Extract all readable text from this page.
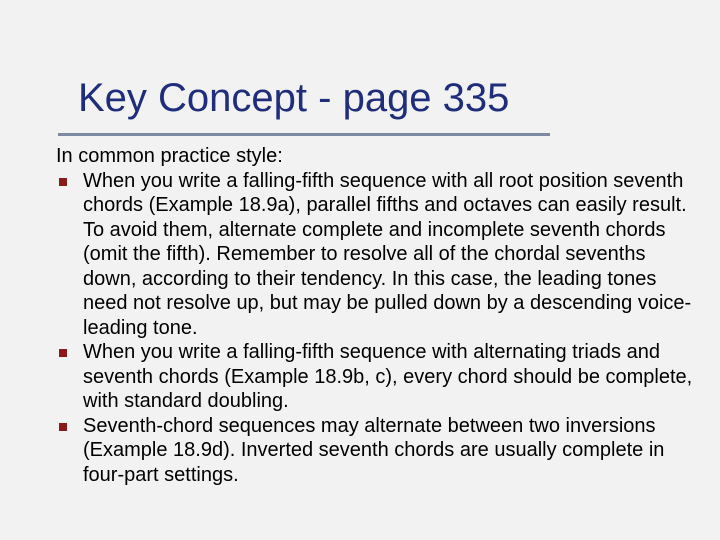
Key Concept - page 335

In common practice style:

When you write a falling-fifth sequence with all root position seventh chords (Example 18.9a), parallel fifths and octaves can easily result. To avoid them, alternate complete and incomplete seventh chords (omit the fifth). Remember to resolve all of the chordal sevenths down, according to their tendency. In this case, the leading tones need not resolve up, but may be pulled down by a descending voice-leading tone.
When you write a falling-fifth sequence with alternating triads and seventh chords (Example 18.9b, c), every chord should be complete, with standard doubling.
Seventh-chord sequences may alternate between two inversions (Example 18.9d). Inverted seventh chords are usually complete in four-part settings.
